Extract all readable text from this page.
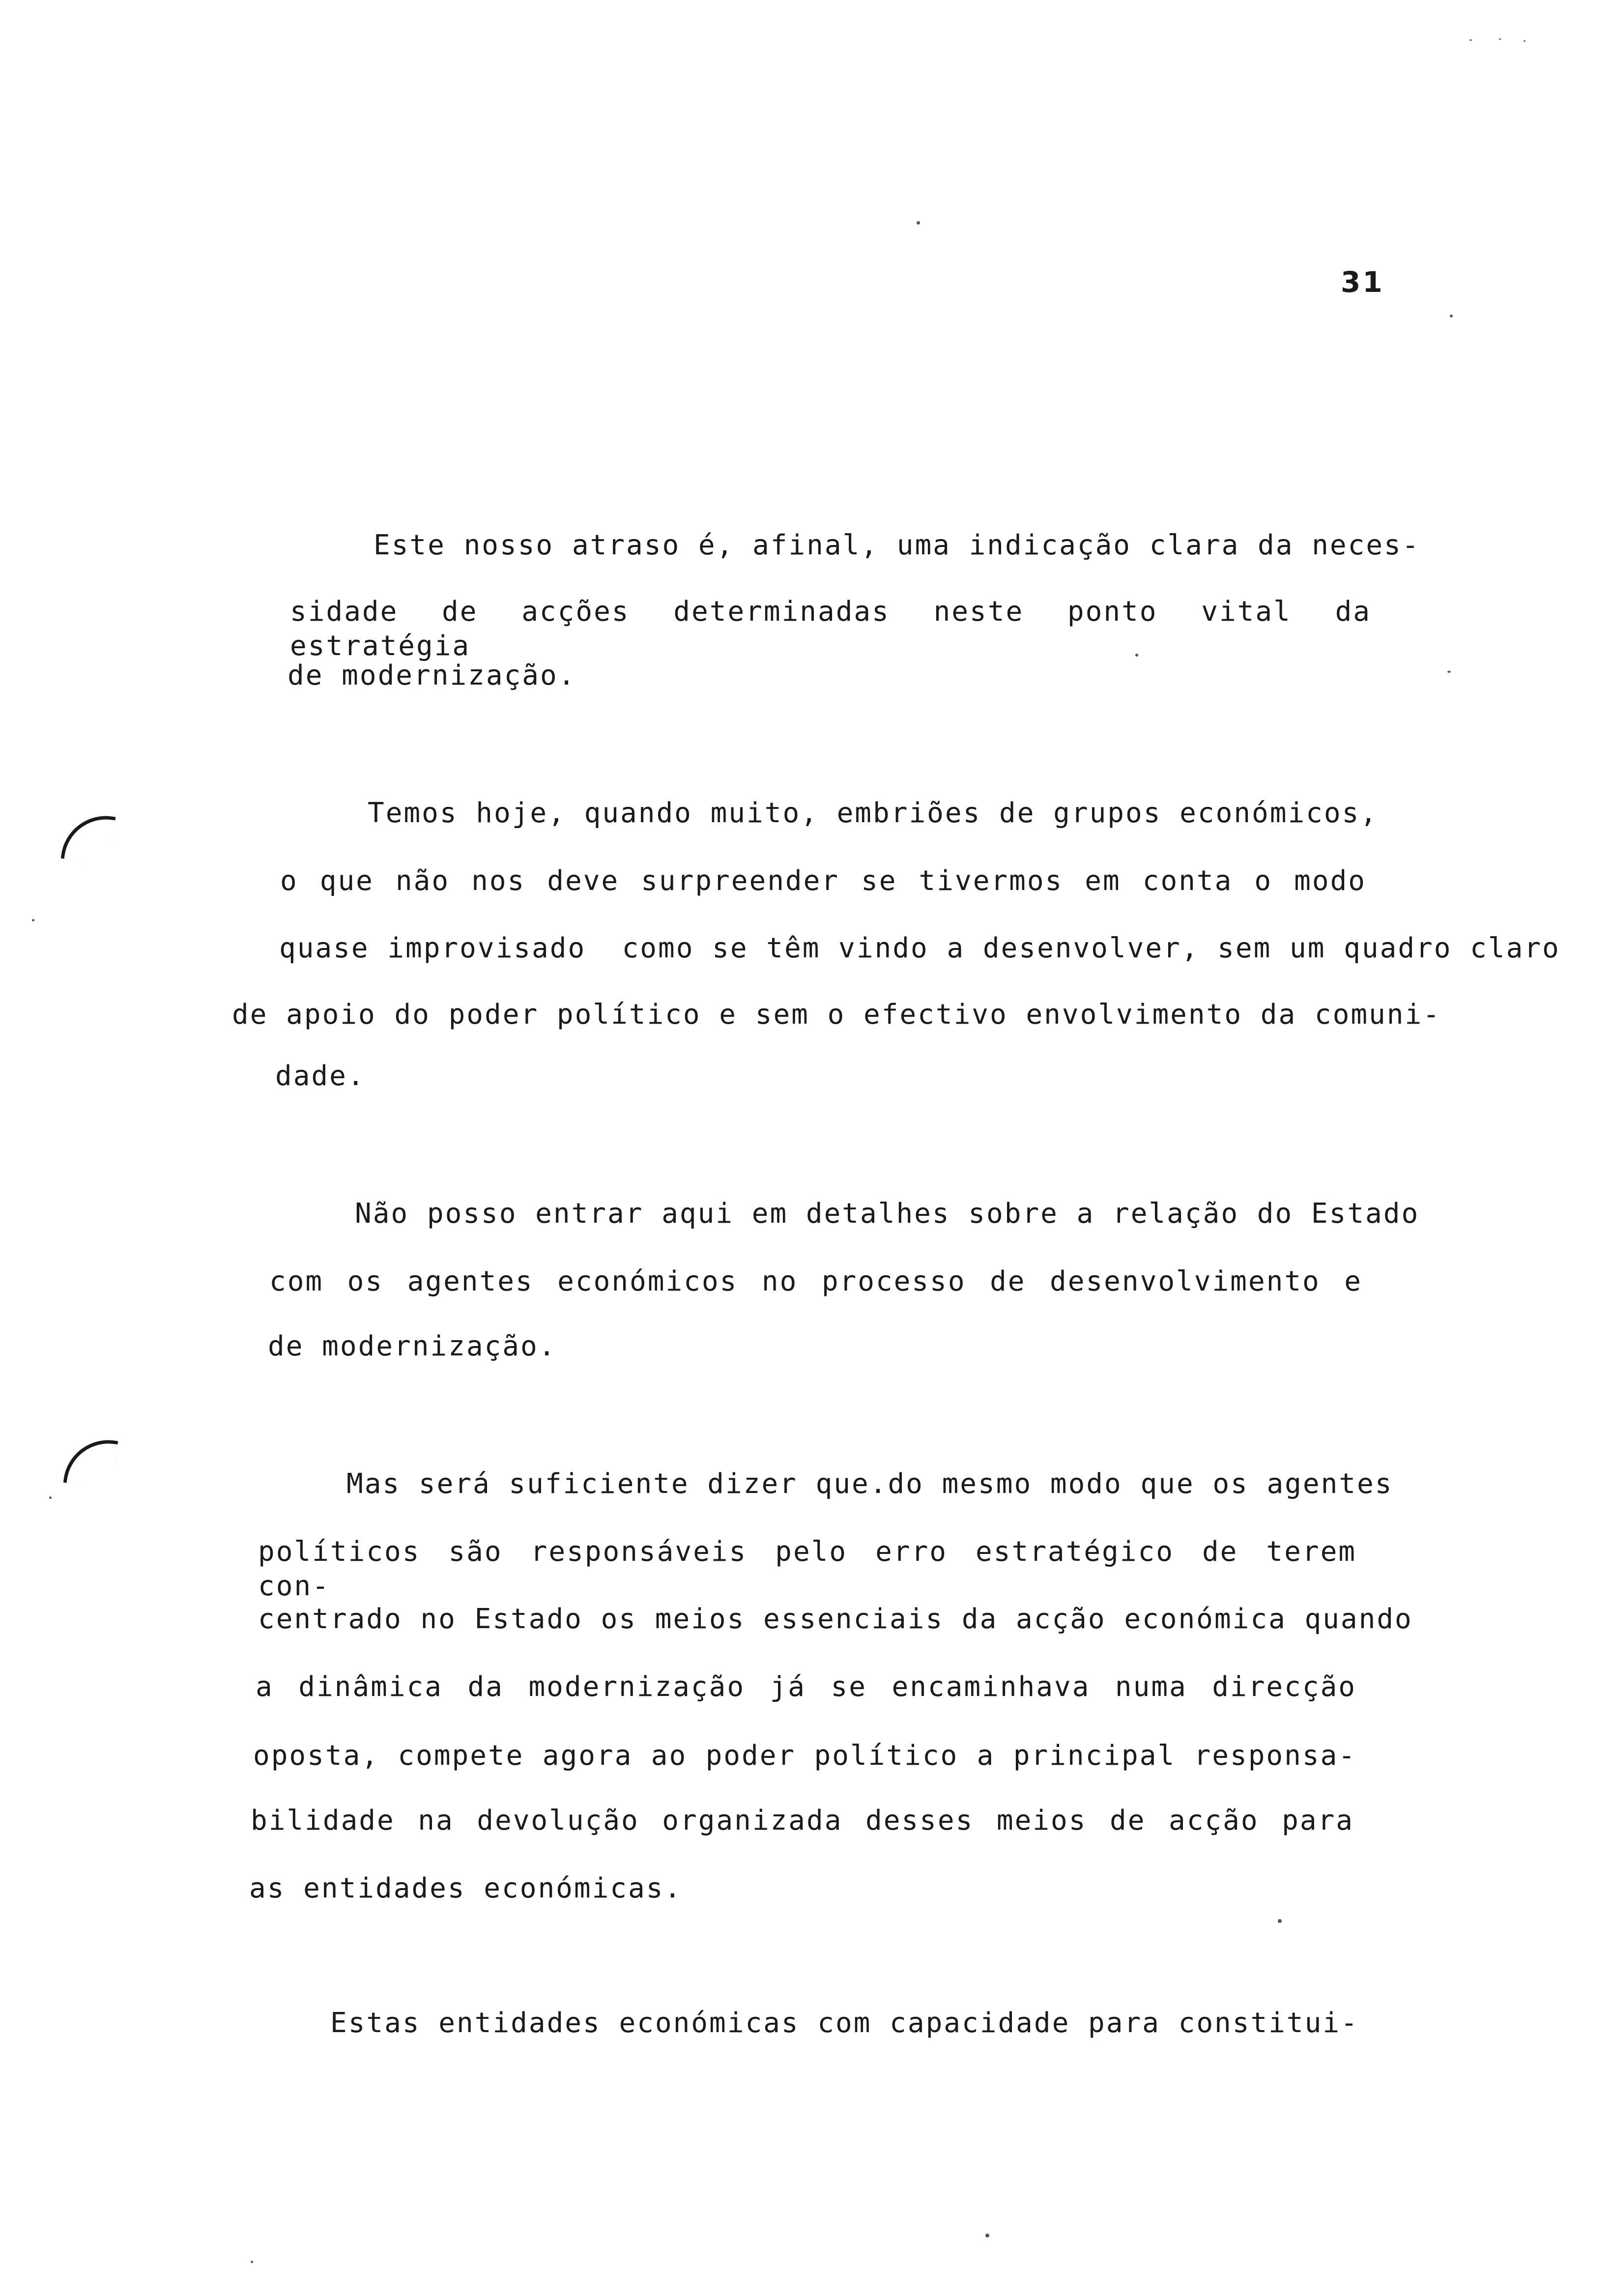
31
Este nosso atraso é, afinal, uma indicação clara da neces-
sidade de acções determinadas neste ponto vital da estratégia
de modernização.
Temos hoje, quando muito, embriões de grupos económicos,
o que não nos deve surpreender se tivermos em conta o modo
quase improvisado  como se têm vindo a desenvolver, sem um quadro claro
de apoio do poder político e sem o efectivo envolvimento da comuni-
dade.
Não posso entrar aqui em detalhes sobre a relação do Estado
com os agentes económicos no processo de desenvolvimento e
de modernização.
Mas será suficiente dizer que.do mesmo modo que os agentes
políticos são responsáveis pelo erro estratégico de terem con-
centrado no Estado os meios essenciais da acção económica quando
a dinâmica da modernização já se encaminhava numa direcção
oposta, compete agora ao poder político a principal responsa-
bilidade na devolução organizada desses meios de acção para
as entidades económicas.
Estas entidades económicas com capacidade para constitui-
